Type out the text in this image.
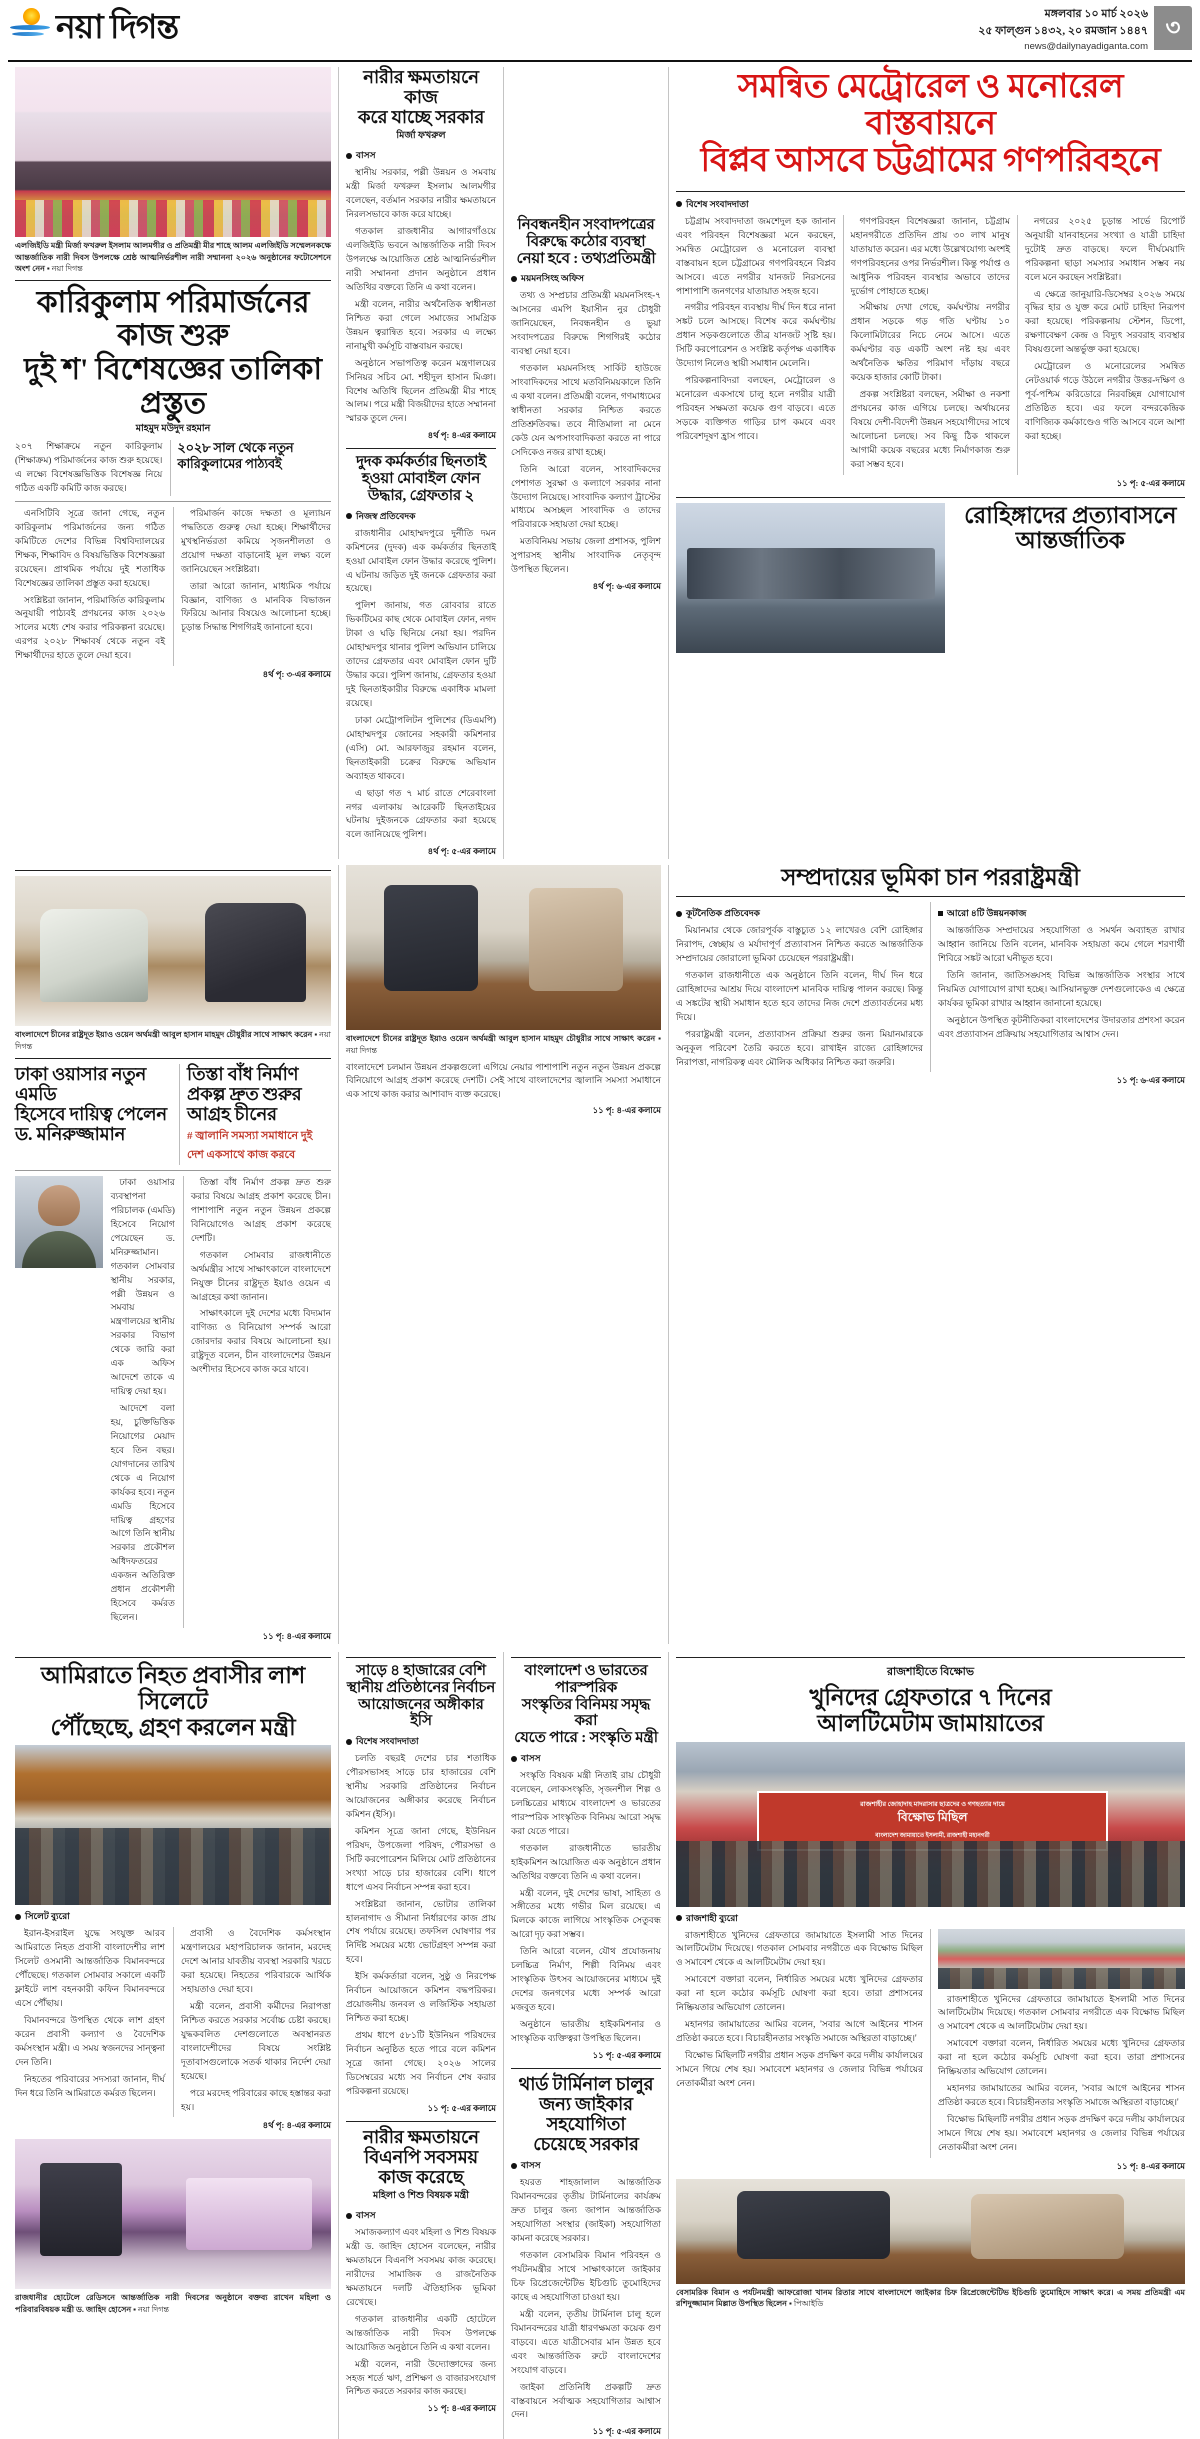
নয়া দিগন্ত	মঙ্গলবার ১০ মার্চ ২০২৬
২৫ ফাল্গুন ১৪৩২, ২০ রমজান ১৪৪৭
news@dailynayadiganta.com
৩
এলজিইডি মন্ত্রী মির্জা ফখরুল ইসলাম আলমগীর ও প্রতিমন্ত্রী মীর শাহে আলম এলজিইডি সম্মেলনকক্ষে আন্তর্জাতিক নারী দিবস উপলক্ষে শ্রেষ্ঠ আত্মনির্ভরশীল নারী সম্মাননা ২০২৬ অনুষ্ঠানের ফটোসেশনে অংশ নেন ▪ নয়া দিগন্ত
কারিকুলাম পরিমার্জনের কাজ শুরু
দুই শ' বিশেষজ্ঞের তালিকা প্রস্তুত
মাহমুদ মউদুদ রহমান
২০৭ শিক্ষাক্রমে নতুন কারিকুলাম (শিক্ষাক্রম) পরিমার্জনের কাজ শুরু হয়েছে। এ লক্ষ্যে বিশেষজ্ঞভিত্তিক বিশেষজ্ঞ নিয়ে গঠিত একটি কমিটি কাজ করছে।
২০২৮ সাল থেকে নতুন কারিকুলামের পাঠ্যবই

এনসিটিবি সূত্রে জানা গেছে, নতুন কারিকুলাম পরিমার্জনের জন্য গঠিত কমিটিতে দেশের বিভিন্ন বিশ্ববিদ্যালয়ের শিক্ষক, শিক্ষাবিদ ও বিষয়ভিত্তিক বিশেষজ্ঞরা রয়েছেন। প্রাথমিক পর্যায়ে দুই শতাধিক বিশেষজ্ঞের তালিকা প্রস্তুত করা হয়েছে।

সংশ্লিষ্টরা জানান, পরিমার্জিত কারিকুলাম অনুযায়ী পাঠ্যবই প্রণয়নের কাজ ২০২৬ সালের মধ্যে শেষ করার পরিকল্পনা রয়েছে। এরপর ২০২৮ শিক্ষাবর্ষ থেকে নতুন বই শিক্ষার্থীদের হাতে তুলে দেয়া হবে।

পরিমার্জন কাজে দক্ষতা ও মূল্যায়ন পদ্ধতিতে গুরুত্ব দেয়া হচ্ছে। শিক্ষার্থীদের মুখস্থনির্ভরতা কমিয়ে সৃজনশীলতা ও প্রয়োগ দক্ষতা বাড়ানোই মূল লক্ষ্য বলে জানিয়েছেন সংশ্লিষ্টরা।

তারা আরো জানান, মাধ্যমিক পর্যায়ে বিজ্ঞান, বাণিজ্য ও মানবিক বিভাজন ফিরিয়ে আনার বিষয়েও আলোচনা হচ্ছে। চূড়ান্ত সিদ্ধান্ত শিগগিরই জানানো হবে।

৪র্থ পৃ: ৩-এর কলামে
নারীর ক্ষমতায়নে কাজ
করে যাচ্ছে সরকার
মির্জা ফখরুল
বাসস

স্থানীয় সরকার, পল্লী উন্নয়ন ও সমবায় মন্ত্রী মির্জা ফখরুল ইসলাম আলমগীর বলেছেন, বর্তমান সরকার নারীর ক্ষমতায়নে নিরলসভাবে কাজ করে যাচ্ছে।

গতকাল রাজধানীর আগারগাঁওয়ে এলজিইডি ভবনে আন্তর্জাতিক নারী দিবস উপলক্ষে আয়োজিত শ্রেষ্ঠ আত্মনির্ভরশীল নারী সম্মাননা প্রদান অনুষ্ঠানে প্রধান অতিথির বক্তব্যে তিনি এ কথা বলেন।

মন্ত্রী বলেন, নারীর অর্থনৈতিক স্বাধীনতা নিশ্চিত করা গেলে সমাজের সামগ্রিক উন্নয়ন ত্বরান্বিত হবে। সরকার এ লক্ষ্যে নানামুখী কর্মসূচি বাস্তবায়ন করছে।

অনুষ্ঠানে সভাপতিত্ব করেন মন্ত্রণালয়ের সিনিয়র সচিব মো. শহীদুল হাসান মিঞা। বিশেষ অতিথি ছিলেন প্রতিমন্ত্রী মীর শাহে আলম। পরে মন্ত্রী বিজয়ীদের হাতে সম্মাননা স্মারক তুলে দেন।

৪র্থ পৃ: ৪-এর কলামে
দুদক কর্মকর্তার ছিনতাই
হওয়া মোবাইল ফোন
উদ্ধার, গ্রেফতার ২
নিজস্ব প্রতিবেদক

রাজধানীর মোহাম্মদপুরে দুর্নীতি দমন কমিশনের (দুদক) এক কর্মকর্তার ছিনতাই হওয়া মোবাইল ফোন উদ্ধার করেছে পুলিশ। এ ঘটনায় জড়িত দুই জনকে গ্রেফতার করা হয়েছে।

পুলিশ জানায়, গত রোববার রাতে ভিকটিমের কাছ থেকে মোবাইল ফোন, নগদ টাকা ও ঘড়ি ছিনিয়ে নেয়া হয়। পরদিন মোহাম্মদপুর থানার পুলিশ অভিযান চালিয়ে তাদের গ্রেফতার এবং মোবাইল ফোন দুটি উদ্ধার করে। পুলিশ জানায়, গ্রেফতার হওয়া দুই ছিনতাইকারীর বিরুদ্ধে একাধিক মামলা রয়েছে।

ঢাকা মেট্রোপলিটন পুলিশের (ডিএমপি) মোহাম্মদপুর জোনের সহকারী কমিশনার (এসি) মো. আরফাজুর রহমান বলেন, ছিনতাইকারী চক্রের বিরুদ্ধে অভিযান অব্যাহত থাকবে।

এ ছাড়া গত ৭ মার্চ রাতে শেরেবাংলা নগর এলাকায় আরেকটি ছিনতাইয়ের ঘটনায় দুইজনকে গ্রেফতার করা হয়েছে বলে জানিয়েছে পুলিশ।

৪র্থ পৃ: ৫-এর কলামে
নিবন্ধনহীন সংবাদপত্রের
বিরুদ্ধে কঠোর ব্যবস্থা
নেয়া হবে : তথ্যপ্রতিমন্ত্রী
ময়মনসিংহ অফিস

তথ্য ও সম্প্রচার প্রতিমন্ত্রী ময়মনসিংহ-৭ আসনের এমপি ইয়াসীন নুর চৌধুরী জানিয়েছেন, নিবন্ধনহীন ও ভুয়া সংবাদপত্রের বিরুদ্ধে শিগগিরই কঠোর ব্যবস্থা নেয়া হবে।

গতকাল ময়মনসিংহ সার্কিট হাউজে সাংবাদিকদের সাথে মতবিনিময়কালে তিনি এ কথা বলেন। প্রতিমন্ত্রী বলেন, গণমাধ্যমের স্বাধীনতা সরকার নিশ্চিত করতে প্রতিশ্রুতিবদ্ধ। তবে নীতিমালা না মেনে কেউ যেন অপসাংবাদিকতা করতে না পারে সেদিকেও নজর রাখা হচ্ছে।

তিনি আরো বলেন, সাংবাদিকদের পেশাগত সুরক্ষা ও কল্যাণে সরকার নানা উদ্যোগ নিয়েছে। সাংবাদিক কল্যাণ ট্রাস্টের মাধ্যমে অসচ্ছল সাংবাদিক ও তাদের পরিবারকে সহায়তা দেয়া হচ্ছে।

মতবিনিময় সভায় জেলা প্রশাসক, পুলিশ সুপারসহ স্থানীয় সাংবাদিক নেতৃবৃন্দ উপস্থিত ছিলেন।

৪র্থ পৃ: ৬-এর কলামে
সমন্বিত মেট্রোরেল ও মনোরেল বাস্তবায়নে
বিপ্লব আসবে চট্টগ্রামের গণপরিবহনে
বিশেষ সংবাদদাতা

চট্টগ্রাম সংবাদদাতা জমশেদুল হক জানান এবং পরিবহন বিশেষজ্ঞরা মনে করছেন, সমন্বিত মেট্রোরেল ও মনোরেল ব্যবস্থা বাস্তবায়ন হলে চট্টগ্রামের গণপরিবহনে বিপ্লব আসবে। এতে নগরীর যানজট নিরসনের পাশাপাশি জনগণের যাতায়াত সহজ হবে।

নগরীর পরিবহন ব্যবস্থায় দীর্ঘ দিন ধরে নানা সঙ্কট চলে আসছে। বিশেষ করে কর্মঘণ্টায় প্রধান সড়কগুলোতে তীব্র যানজট সৃষ্টি হয়। সিটি করপোরেশন ও সংশ্লিষ্ট কর্তৃপক্ষ একাধিক উদ্যোগ নিলেও স্থায়ী সমাধান মেলেনি।

পরিকল্পনাবিদরা বলছেন, মেট্রোরেল ও মনোরেল একসাথে চালু হলে নগরীর যাত্রী পরিবহন সক্ষমতা কয়েক গুণ বাড়বে। এতে সড়কে ব্যক্তিগত গাড়ির চাপ কমবে এবং পরিবেশদূষণ হ্রাস পাবে।

গণপরিবহন বিশেষজ্ঞরা জানান, চট্টগ্রাম মহানগরীতে প্রতিদিন প্রায় ৩০ লাখ মানুষ যাতায়াত করেন। এর মধ্যে উল্লেখযোগ্য অংশই গণপরিবহনের ওপর নির্ভরশীল। কিন্তু পর্যাপ্ত ও আধুনিক পরিবহন ব্যবস্থার অভাবে তাদের দুর্ভোগ পোহাতে হচ্ছে।

সমীক্ষায় দেখা গেছে, কর্মঘণ্টায় নগরীর প্রধান সড়কে গড় গতি ঘণ্টায় ১০ কিলোমিটারের নিচে নেমে আসে। এতে কর্মঘণ্টার বড় একটি অংশ নষ্ট হয় এবং অর্থনৈতিক ক্ষতির পরিমাণ দাঁড়ায় বছরে কয়েক হাজার কোটি টাকা।

প্রকল্প সংশ্লিষ্টরা বলছেন, সমীক্ষা ও নকশা প্রণয়নের কাজ এগিয়ে চলছে। অর্থায়নের বিষয়ে দেশী-বিদেশী উন্নয়ন সহযোগীদের সাথে আলোচনা চলছে। সব কিছু ঠিক থাকলে আগামী কয়েক বছরের মধ্যে নির্মাণকাজ শুরু করা সম্ভব হবে।

নগরের ২০২৫ চূড়ান্ত সার্ভে রিপোর্ট অনুযায়ী যানবাহনের সংখ্যা ও যাত্রী চাহিদা দুটোই দ্রুত বাড়ছে। ফলে দীর্ঘমেয়াদি পরিকল্পনা ছাড়া সমস্যার সমাধান সম্ভব নয় বলে মনে করছেন সংশ্লিষ্টরা।

এ ক্ষেত্রে জানুয়ারি-ডিসেম্বর ২০২৬ সময়ে বৃদ্ধির হার ও যুক্ত করে মোট চাহিদা নিরূপণ করা হয়েছে। পরিকল্পনায় স্টেশন, ডিপো, রক্ষণাবেক্ষণ কেন্দ্র ও বিদ্যুৎ সরবরাহ ব্যবস্থার বিষয়গুলো অন্তর্ভুক্ত করা হয়েছে।

মেট্রোরেল ও মনোরেলের সমন্বিত নেটওয়ার্ক গড়ে উঠলে নগরীর উত্তর-দক্ষিণ ও পূর্ব-পশ্চিম করিডোরে নিরবচ্ছিন্ন যোগাযোগ প্রতিষ্ঠিত হবে। এর ফলে বন্দরকেন্দ্রিক বাণিজ্যিক কর্মকাণ্ডেও গতি আসবে বলে আশা করা হচ্ছে।

১১ পৃ: ৫-এর কলামে
রোহিঙ্গাদের প্রত্যাবাসনে আন্তর্জাতিক
বাংলাদেশে চীনের রাষ্ট্রদূত ইয়াও ওয়েন অর্থমন্ত্রী আবুল হাসান মাহমুদ চৌধুরীর সাথে সাক্ষাৎ করেন ▪ নয়া দিগন্ত
ঢাকা ওয়াসার নতুন এমডি
হিসেবে দায়িত্ব পেলেন
ড. মনিরুজ্জামান
তিস্তা বাঁধ নির্মাণ
প্রকল্প দ্রুত শুরুর
আগ্রহ চীনের
# জ্বালানি সমস্যা সমাধানে দুই দেশ একসাথে কাজ করবে

ঢাকা ওয়াসার ব্যবস্থাপনা পরিচালক (এমডি) হিসেবে নিয়োগ পেয়েছেন ড. মনিরুজ্জামান। গতকাল সোমবার স্থানীয় সরকার, পল্লী উন্নয়ন ও সমবায় মন্ত্রণালয়ের স্থানীয় সরকার বিভাগ থেকে জারি করা এক অফিস আদেশে তাকে এ দায়িত্ব দেয়া হয়।

আদেশে বলা হয়, চুক্তিভিত্তিক নিয়োগের মেয়াদ হবে তিন বছর। যোগদানের তারিখ থেকে এ নিয়োগ কার্যকর হবে। নতুন এমডি হিসেবে দায়িত্ব গ্রহণের আগে তিনি স্থানীয় সরকার প্রকৌশল অধিদফতরের একজন অতিরিক্ত প্রধান প্রকৌশলী হিসেবে কর্মরত ছিলেন।

তিস্তা বাঁধ নির্মাণ প্রকল্প দ্রুত শুরু করার বিষয়ে আগ্রহ প্রকাশ করেছে চীন। পাশাপাশি নতুন নতুন উন্নয়ন প্রকল্পে বিনিয়োগেও আগ্রহ প্রকাশ করেছে দেশটি।

গতকাল সোমবার রাজধানীতে অর্থমন্ত্রীর সাথে সাক্ষাৎকালে বাংলাদেশে নিযুক্ত চীনের রাষ্ট্রদূত ইয়াও ওয়েন এ আগ্রহের কথা জানান।

সাক্ষাৎকালে দুই দেশের মধ্যে বিদ্যমান বাণিজ্য ও বিনিয়োগ সম্পর্ক আরো জোরদার করার বিষয়ে আলোচনা হয়। রাষ্ট্রদূত বলেন, চীন বাংলাদেশের উন্নয়ন অংশীদার হিসেবে কাজ করে যাবে।

১১ পৃ: ৪-এর কলামে
বাংলাদেশে চীনের রাষ্ট্রদূত ইয়াও ওয়েন অর্থমন্ত্রী আবুল হাসান মাহমুদ চৌধুরীর সাথে সাক্ষাৎ করেন ▪ নয়া দিগন্ত
বাংলাদেশে চলমান উন্নয়ন প্রকল্পগুলো এগিয়ে নেয়ার পাশাপাশি নতুন নতুন উন্নয়ন প্রকল্পে বিনিয়োগে আগ্রহ প্রকাশ করেছে দেশটি। সেই সাথে বাংলাদেশের জ্বালানি সমস্যা সমাধানে এক সাথে কাজ করার আশাবাদ ব্যক্ত করেছে।
১১ পৃ: ৪-এর কলামে
সম্প্রদায়ের ভূমিকা চান পররাষ্ট্রমন্ত্রী
কূটনৈতিক প্রতিবেদক

মিয়ানমার থেকে জোরপূর্বক বাস্তুচ্যুত ১২ লাখেরও বেশি রোহিঙ্গার নিরাপদ, স্বেচ্ছায় ও মর্যাদাপূর্ণ প্রত্যাবাসন নিশ্চিত করতে আন্তর্জাতিক সম্প্রদায়ের জোরালো ভূমিকা চেয়েছেন পররাষ্ট্রমন্ত্রী।

গতকাল রাজধানীতে এক অনুষ্ঠানে তিনি বলেন, দীর্ঘ দিন ধরে রোহিঙ্গাদের আশ্রয় দিয়ে বাংলাদেশ মানবিক দায়িত্ব পালন করছে। কিন্তু এ সঙ্কটের স্থায়ী সমাধান হতে হবে তাদের নিজ দেশে প্রত্যাবর্তনের মধ্য দিয়ে।

পররাষ্ট্রমন্ত্রী বলেন, প্রত্যাবাসন প্রক্রিয়া শুরুর জন্য মিয়ানমারকে অনুকূল পরিবেশ তৈরি করতে হবে। রাখাইন রাজ্যে রোহিঙ্গাদের নিরাপত্তা, নাগরিকত্ব এবং মৌলিক অধিকার নিশ্চিত করা জরুরি।

আরো ৪টি উন্নয়নকাজ

আন্তর্জাতিক সম্প্রদায়ের সহযোগিতা ও সমর্থন অব্যাহত রাখার আহ্বান জানিয়ে তিনি বলেন, মানবিক সহায়তা কমে গেলে শরণার্থী শিবিরে সঙ্কট আরো ঘনীভূত হবে।

তিনি জানান, জাতিসঙ্ঘসহ বিভিন্ন আন্তর্জাতিক সংস্থার সাথে নিয়মিত যোগাযোগ রাখা হচ্ছে। আসিয়ানভুক্ত দেশগুলোকেও এ ক্ষেত্রে কার্যকর ভূমিকা রাখার আহ্বান জানানো হয়েছে।

অনুষ্ঠানে উপস্থিত কূটনীতিকরা বাংলাদেশের উদারতার প্রশংসা করেন এবং প্রত্যাবাসন প্রক্রিয়ায় সহযোগিতার আশ্বাস দেন।

১১ পৃ: ৬-এর কলামে
আমিরাতে নিহত প্রবাসীর লাশ সিলেটে
পৌঁছেছে, গ্রহণ করলেন মন্ত্রী
সিলেট ব্যুরো

ইরান-ইসরাইল যুদ্ধে সংযুক্ত আরব আমিরাতে নিহত প্রবাসী বাংলাদেশীর লাশ সিলেট ওসমানী আন্তর্জাতিক বিমানবন্দরে পৌঁছেছে। গতকাল সোমবার সকালে একটি ফ্লাইটে লাশ বহনকারী কফিন বিমানবন্দরে এসে পৌঁছায়।

বিমানবন্দরে উপস্থিত থেকে লাশ গ্রহণ করেন প্রবাসী কল্যাণ ও বৈদেশিক কর্মসংস্থান মন্ত্রী। এ সময় স্বজনদের সান্ত্বনা দেন তিনি।

নিহতের পরিবারের সদস্যরা জানান, দীর্ঘ দিন ধরে তিনি আমিরাতে কর্মরত ছিলেন।

প্রবাসী ও বৈদেশিক কর্মসংস্থান মন্ত্রণালয়ের মহাপরিচালক জানান, মরদেহ দেশে আনার যাবতীয় ব্যবস্থা সরকারি খরচে করা হয়েছে। নিহতের পরিবারকে আর্থিক সহায়তাও দেয়া হবে।

মন্ত্রী বলেন, প্রবাসী কর্মীদের নিরাপত্তা নিশ্চিত করতে সরকার সর্বোচ্চ চেষ্টা করছে। যুদ্ধকবলিত দেশগুলোতে অবস্থানরত বাংলাদেশীদের বিষয়ে সংশ্লিষ্ট দূতাবাসগুলোকে সতর্ক থাকার নির্দেশ দেয়া হয়েছে।

পরে মরদেহ পরিবারের কাছে হস্তান্তর করা হয়।

৪র্থ পৃ: ৪-এর কলামে
রাজধানীর হোটেলে রেডিসনে আন্তর্জাতিক নারী দিবসের অনুষ্ঠানে বক্তব্য রাখেন মহিলা ও পরিবারবিষয়ক মন্ত্রী ড. জাহিদ হোসেন ▪ নয়া দিগন্ত
সাড়ে ৪ হাজারের বেশি
স্থানীয় প্রতিষ্ঠানের নির্বাচন
আয়োজনের অঙ্গীকার ইসি
বিশেষ সংবাদদাতা

চলতি বছরই দেশের চার শতাধিক পৌরসভাসহ সাড়ে চার হাজারের বেশি স্থানীয় সরকারি প্রতিষ্ঠানের নির্বাচন আয়োজনের অঙ্গীকার করেছে নির্বাচন কমিশন (ইসি)।

কমিশন সূত্রে জানা গেছে, ইউনিয়ন পরিষদ, উপজেলা পরিষদ, পৌরসভা ও সিটি করপোরেশন মিলিয়ে মোট প্রতিষ্ঠানের সংখ্যা সাড়ে চার হাজারের বেশি। ধাপে ধাপে এসব নির্বাচন সম্পন্ন করা হবে।

সংশ্লিষ্টরা জানান, ভোটার তালিকা হালনাগাদ ও সীমানা নির্ধারণের কাজ প্রায় শেষ পর্যায়ে রয়েছে। তফসিল ঘোষণার পর নির্দিষ্ট সময়ের মধ্যে ভোটগ্রহণ সম্পন্ন করা হবে।

ইসি কর্মকর্তারা বলেন, সুষ্ঠু ও নিরপেক্ষ নির্বাচন আয়োজনে কমিশন বদ্ধপরিকর। প্রয়োজনীয় জনবল ও লজিস্টিক সহায়তা নিশ্চিত করা হচ্ছে।

প্রথম ধাপে ৫৮১টি ইউনিয়ন পরিষদের নির্বাচন অনুষ্ঠিত হতে পারে বলে কমিশন সূত্রে জানা গেছে। ২০২৬ সালের ডিসেম্বরের মধ্যে সব নির্বাচন শেষ করার পরিকল্পনা রয়েছে।

১১ পৃ: ৫-এর কলামে
নারীর ক্ষমতায়নে
বিএনপি সবসময়
কাজ করেছে
মহিলা ও শিশু বিষয়ক মন্ত্রী
বাসস

সমাজকল্যাণ এবং মহিলা ও শিশু বিষয়ক মন্ত্রী ড. জাহিদ হোসেন বলেছেন, নারীর ক্ষমতায়নে বিএনপি সবসময় কাজ করেছে। নারীদের সামাজিক ও রাজনৈতিক ক্ষমতায়নে দলটি ঐতিহাসিক ভূমিকা রেখেছে।

গতকাল রাজধানীর একটি হোটেলে আন্তর্জাতিক নারী দিবস উপলক্ষে আয়োজিত অনুষ্ঠানে তিনি এ কথা বলেন।

মন্ত্রী বলেন, নারী উদ্যোক্তাদের জন্য সহজ শর্তে ঋণ, প্রশিক্ষণ ও বাজারসংযোগ নিশ্চিত করতে সরকার কাজ করছে।

১১ পৃ: ৪-এর কলামে
বাংলাদেশ ও ভারতের পারস্পরিক
সংস্কৃতির বিনিময় সমৃদ্ধ করা
যেতে পারে : সংস্কৃতি মন্ত্রী
বাসস

সংস্কৃতি বিষয়ক মন্ত্রী নিতাই রায় চৌধুরী বলেছেন, লোকসংস্কৃতি, সৃজনশীল শিল্প ও চলচ্চিত্রের মাধ্যমে বাংলাদেশ ও ভারতের পারস্পরিক সাংস্কৃতিক বিনিময় আরো সমৃদ্ধ করা যেতে পারে।

গতকাল রাজধানীতে ভারতীয় হাইকমিশন আয়োজিত এক অনুষ্ঠানে প্রধান অতিথির বক্তব্যে তিনি এ কথা বলেন।

মন্ত্রী বলেন, দুই দেশের ভাষা, সাহিত্য ও সঙ্গীতের মধ্যে গভীর মিল রয়েছে। এ মিলকে কাজে লাগিয়ে সাংস্কৃতিক সেতুবন্ধ আরো দৃঢ় করা সম্ভব।

তিনি আরো বলেন, যৌথ প্রযোজনায় চলচ্চিত্র নির্মাণ, শিল্পী বিনিময় এবং সাংস্কৃতিক উৎসব আয়োজনের মাধ্যমে দুই দেশের জনগণের মধ্যে সম্পর্ক আরো মজবুত হবে।

অনুষ্ঠানে ভারতীয় হাইকমিশনার ও সাংস্কৃতিক ব্যক্তিত্বরা উপস্থিত ছিলেন।

১১ পৃ: ৫-এর কলামে
থার্ড টার্মিনাল চালুর
জন্য জাইকার সহযোগিতা
চেয়েছে সরকার
বাসস

হযরত শাহজালাল আন্তর্জাতিক বিমানবন্দরের তৃতীয় টার্মিনালের কার্যক্রম দ্রুত চালুর জন্য জাপান আন্তর্জাতিক সহযোগিতা সংস্থার (জাইকা) সহযোগিতা কামনা করেছে সরকার।

গতকাল বেসামরিক বিমান পরিবহন ও পর্যটনমন্ত্রীর সাথে সাক্ষাৎকালে জাইকার চিফ রিপ্রেজেন্টেটিভ ইচিগুচি তুমোহিদের কাছে এ সহযোগিতা চাওয়া হয়।

মন্ত্রী বলেন, তৃতীয় টার্মিনাল চালু হলে বিমানবন্দরের যাত্রী ধারণক্ষমতা কয়েক গুণ বাড়বে। এতে যাত্রীসেবার মান উন্নত হবে এবং আন্তর্জাতিক রুটে বাংলাদেশের সংযোগ বাড়বে।

জাইকা প্রতিনিধি প্রকল্পটি দ্রুত বাস্তবায়নে সর্বাত্মক সহযোগিতার আশ্বাস দেন।

১১ পৃ: ৫-এর কলামে
রাজশাহীতে বিক্ষোভ
খুনিদের গ্রেফতারে ৭ দিনের
আলটিমেটাম জামায়াতের
রাজশাহীর জোহাদাহ মাদরাসার ছাত্রদের ও গণহত্যার দায়ে
বিক্ষোভ মিছিল
বাংলাদেশ জামায়াতে ইসলামী, রাজশাহী মহানগরী
রাজশাহী ব্যুরো

রাজশাহীতে খুনিদের গ্রেফতারে জামায়াতে ইসলামী সাত দিনের আলটিমেটাম দিয়েছে। গতকাল সোমবার নগরীতে এক বিক্ষোভ মিছিল ও সমাবেশ থেকে এ আলটিমেটাম দেয়া হয়।

সমাবেশে বক্তারা বলেন, নির্ধারিত সময়ের মধ্যে খুনিদের গ্রেফতার করা না হলে কঠোর কর্মসূচি ঘোষণা করা হবে। তারা প্রশাসনের নিষ্ক্রিয়তার অভিযোগ তোলেন।

মহানগর জামায়াতের আমির বলেন, 'সবার আগে আইনের শাসন প্রতিষ্ঠা করতে হবে। বিচারহীনতার সংস্কৃতি সমাজে অস্থিরতা বাড়াচ্ছে।'

বিক্ষোভ মিছিলটি নগরীর প্রধান সড়ক প্রদক্ষিণ করে দলীয় কার্যালয়ের সামনে গিয়ে শেষ হয়। সমাবেশে মহানগর ও জেলার বিভিন্ন পর্যায়ের নেতাকর্মীরা অংশ নেন।

রাজশাহীতে খুনিদের গ্রেফতারে জামায়াতে ইসলামী সাত দিনের আলটিমেটাম দিয়েছে। গতকাল সোমবার নগরীতে এক বিক্ষোভ মিছিল ও সমাবেশ থেকে এ আলটিমেটাম দেয়া হয়।

সমাবেশে বক্তারা বলেন, নির্ধারিত সময়ের মধ্যে খুনিদের গ্রেফতার করা না হলে কঠোর কর্মসূচি ঘোষণা করা হবে। তারা প্রশাসনের নিষ্ক্রিয়তার অভিযোগ তোলেন।

মহানগর জামায়াতের আমির বলেন, 'সবার আগে আইনের শাসন প্রতিষ্ঠা করতে হবে। বিচারহীনতার সংস্কৃতি সমাজে অস্থিরতা বাড়াচ্ছে।'

বিক্ষোভ মিছিলটি নগরীর প্রধান সড়ক প্রদক্ষিণ করে দলীয় কার্যালয়ের সামনে গিয়ে শেষ হয়। সমাবেশে মহানগর ও জেলার বিভিন্ন পর্যায়ের নেতাকর্মীরা অংশ নেন।

১১ পৃ: ৪-এর কলামে
বেসামরিক বিমান ও পর্যটনমন্ত্রী আফরোজা খানম রিতার সাথে বাংলাদেশে জাইকার চিফ রিপ্রেজেন্টেটিভ ইচিগুচি তুমোহিদে সাক্ষাৎ করে। এ সময় প্রতিমন্ত্রী এম রশিদুজ্জামান মিল্লাত উপস্থিত ছিলেন ▪ পিআইডি
